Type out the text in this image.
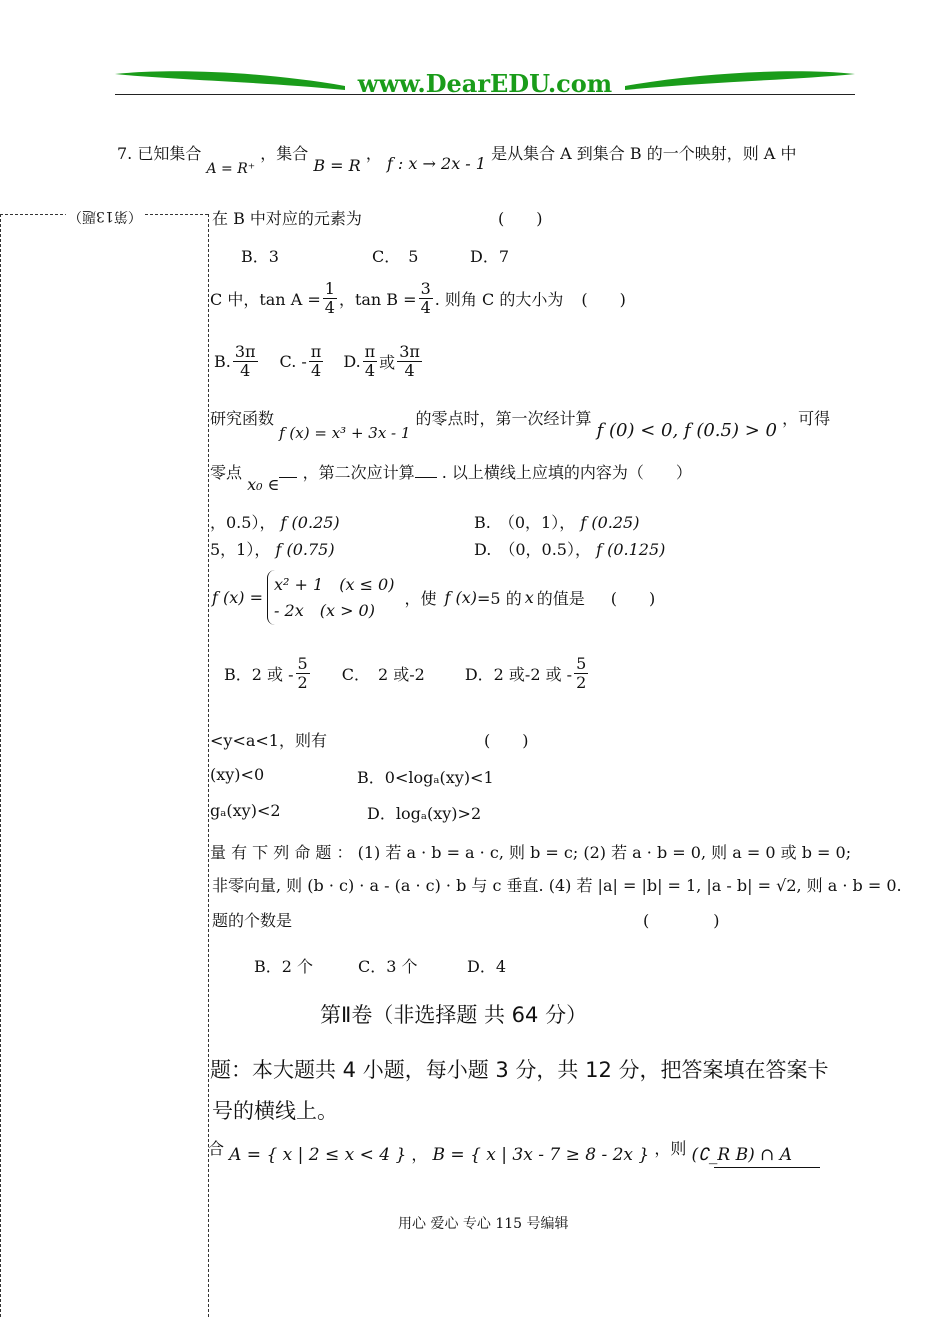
www.DearEDU.com
7. 已知集合 A = R⁺ ，集合 B = R ， f : x → 2x - 1 是从集合 A 到集合 B 的一个映射，则 A 中
（第13题）	在 B 中对应的元素为	(　　)
B．3	C．　5	D．7
C 中，$\tan A = \frac{1}{4}$ ，$\tan B = \frac{3}{4}$ . 则角 C 的大小为 (　　)
B. $\frac{3\pi}{4} C$. - $\frac{\pi}{4} D$. $\frac{\pi}{4}$ 或 $\frac{3\pi}{4}$
研究函数 f (x) = x³ + 3x - 1 的零点时，第一次经计算 f (0) < 0, f (0.5) > 0 ，可得
零点 x₀ ∈ ，第二次应计算 . 以上横线上应填的内容为（　　）
，0.5）， f (0.25)	B.　（0，1）， f (0.25)
5，1）， f (0.75)	D.　（0，0.5）， f (0.125)
f (x) =
x² + 1　(x ≤ 0)
- 2x　(x > 0)
，使 f (x) =5 的 x 的值是 (　　)
B．2 或 - $\frac{5}{2}$ C．　2 或-2	D．2 或-2 或 - $\frac{5}{2}$
<y<a<1，则有	(　　)
(xy)<0	B．0<logₐ(xy)<1
gₐ(xy)<2	D．logₐ(xy)>2
量 有 下 列 命 题 ： (1) 若 a · b = a · c, 则 b = c; (2) 若 a · b = 0, 则 a = 0 或 b = 0;
非零向量, 则 (b · c) · a - (a · c) · b 与 c 垂直. (4) 若 |a| = |b| = 1, |a - b| = √2, 则 a · b = 0.
题的个数是	(　　　　)
B．2 个	C．3 个	D．4
第Ⅱ卷（非选择题 共 64 分）
题：本大题共 4 小题，每小题 3 分，共 12 分，把答案填在答案卡
号的横线上。
合 A = { x | 2 ≤ x < 4 } ， B = { x | 3x - 7 ≥ 8 - 2x } ，则 (∁_R B) ∩ A
用心 爱心 专心 115 号编辑
